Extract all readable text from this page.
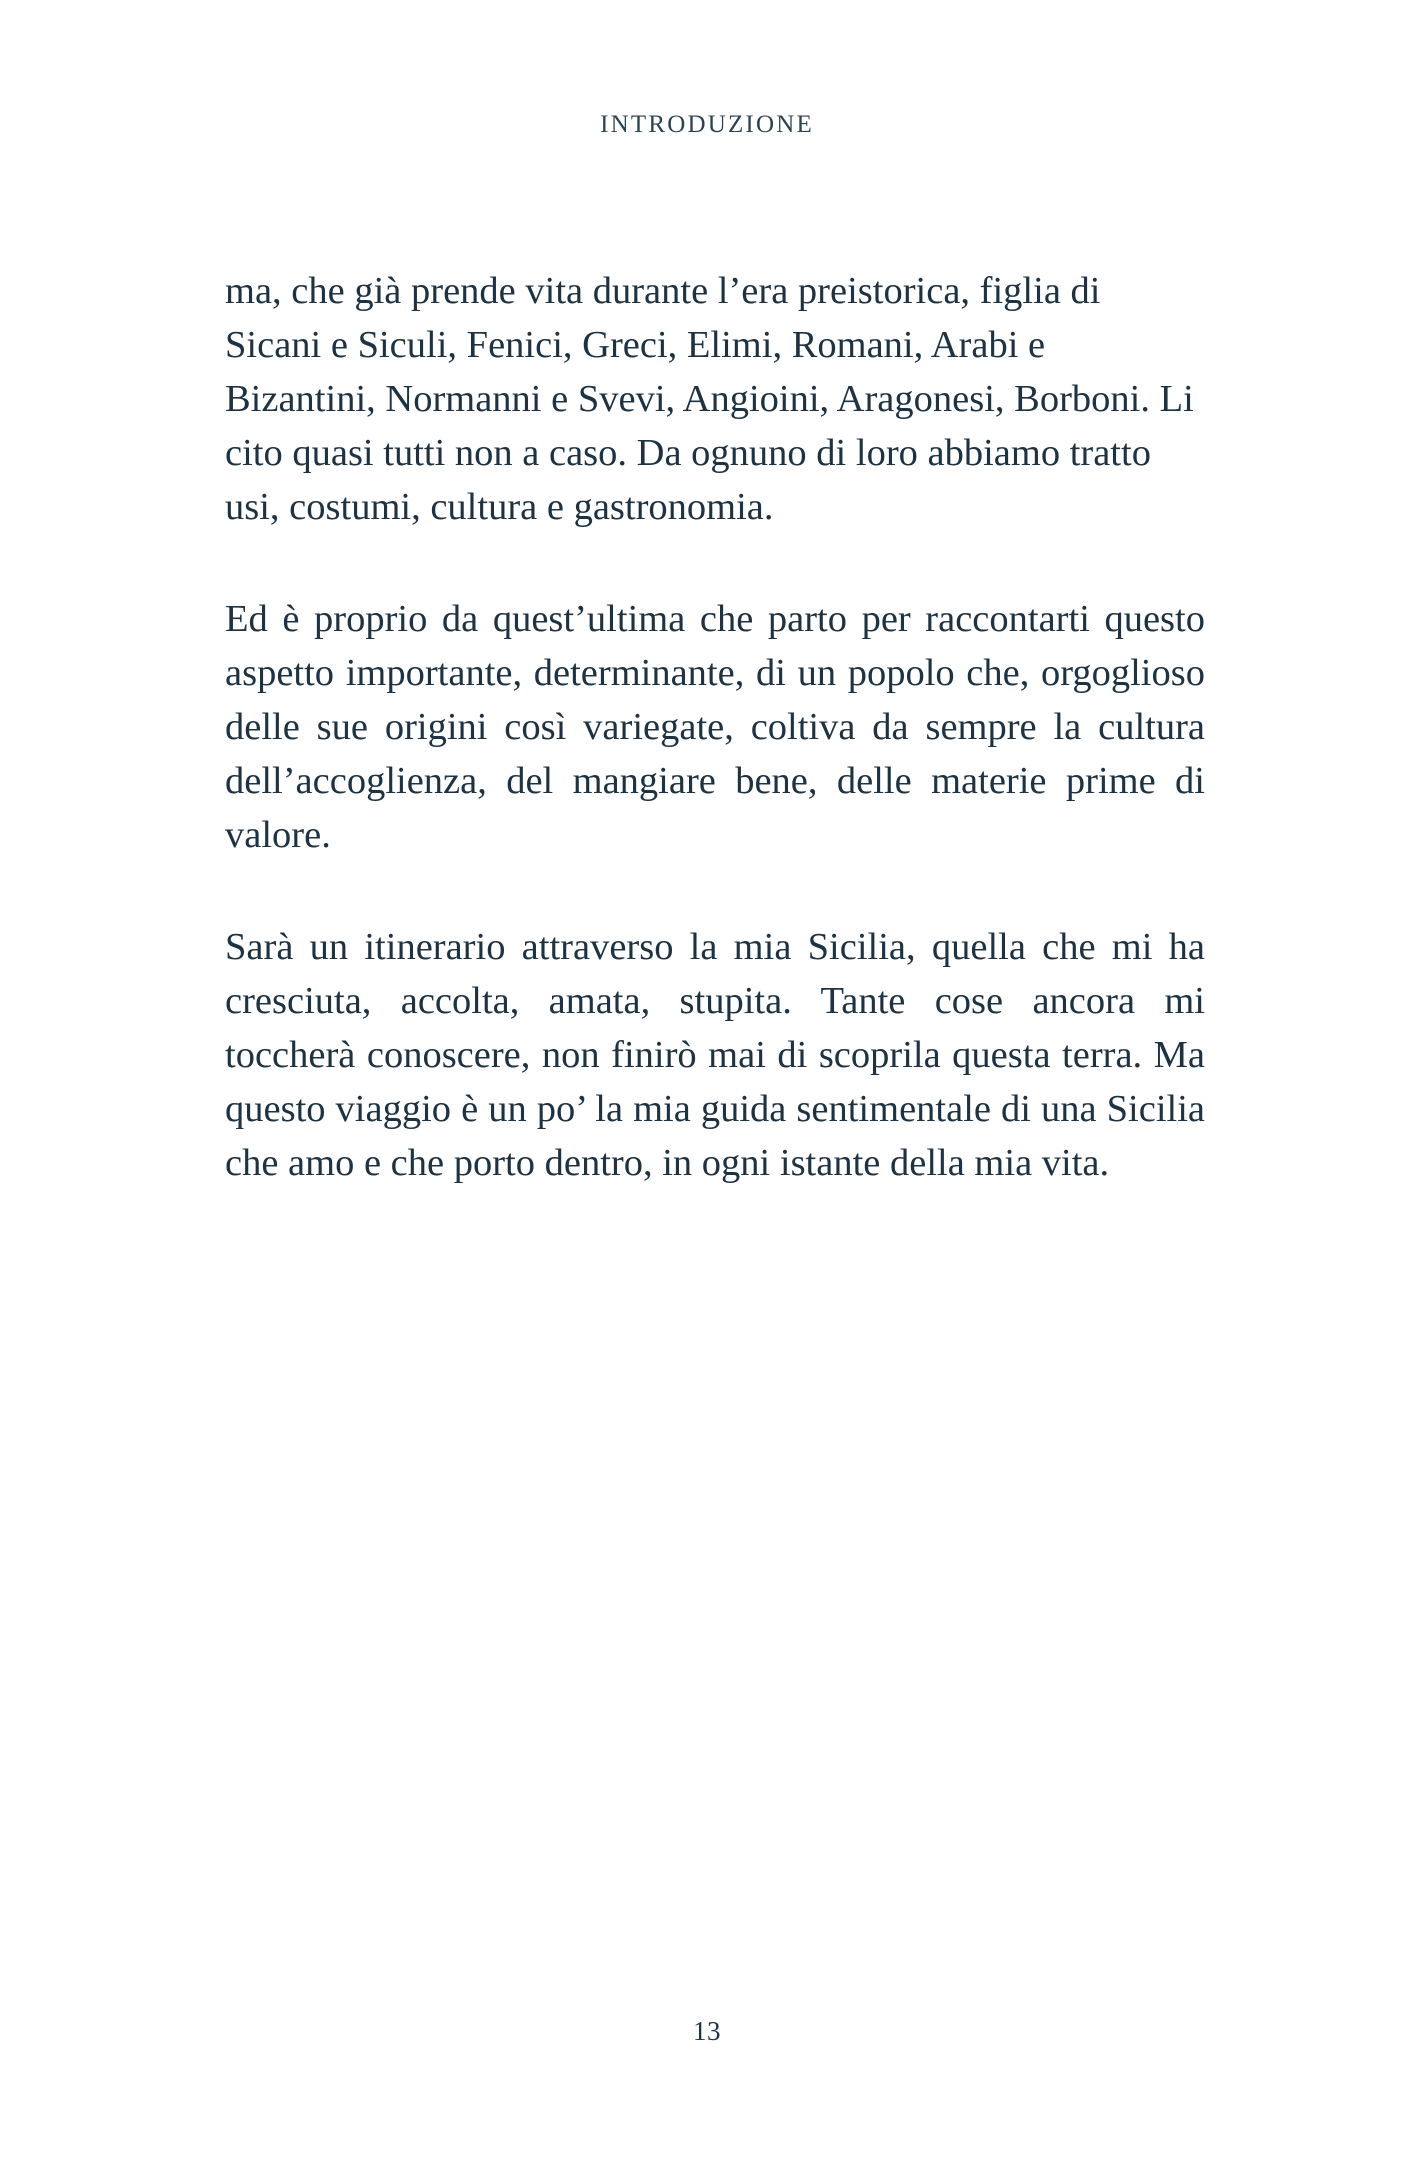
INTRODUZIONE

ma, che già prende vita durante l’era preistorica, figlia di Sicani e Siculi, Fenici, Greci, Elimi, Romani, Arabi e Bizantini, Normanni e Svevi, Angioini, Aragonesi, Borboni. Li cito quasi tutti non a caso. Da ognuno di loro abbiamo tratto usi, costumi, cultura e gastronomia.

Ed è proprio da quest’ultima che parto per raccontarti questo aspetto importante, determinante, di un popolo che, orgoglioso delle sue origini così variegate, coltiva da sempre la cultura dell’accoglienza, del mangiare bene, delle materie prime di valore.

Sarà un itinerario attraverso la mia Sicilia, quella che mi ha cresciuta, accolta, amata, stupita. Tante cose ancora mi toccherà conoscere, non finirò mai di scoprila questa terra. Ma questo viaggio è un po’ la mia guida sentimentale di una Sicilia che amo e che porto dentro, in ogni istante della mia vita.

13
